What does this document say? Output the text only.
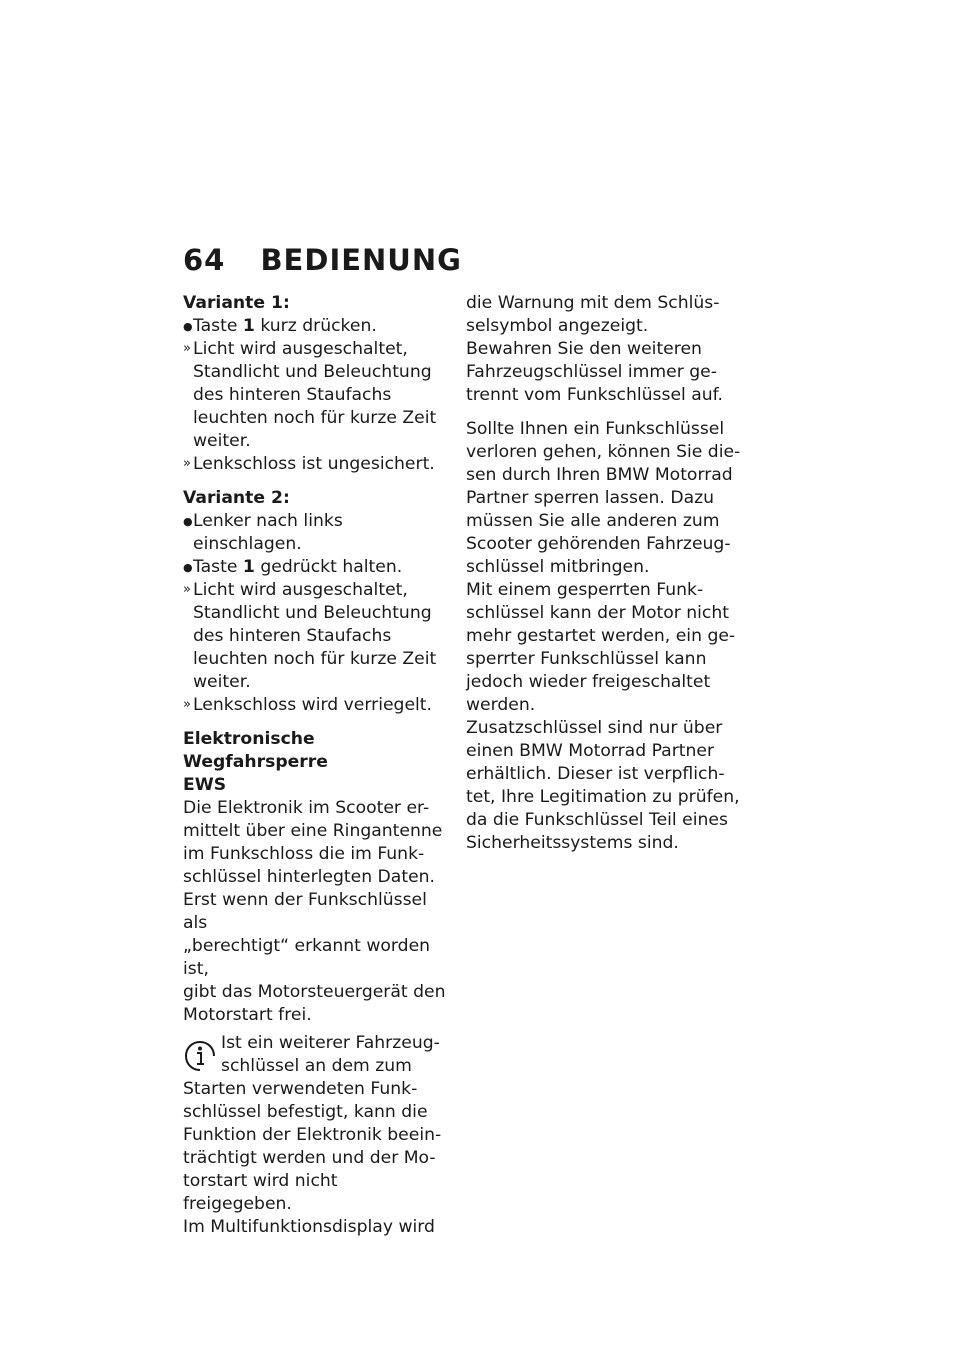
64 BEDIENUNG
Variante 1:
● Taste 1 kurz drücken.
» Licht wird ausgeschaltet,
Standlicht und Beleuchtung
des hinteren Staufachs
leuchten noch für kurze Zeit
weiter.
» Lenkschloss ist ungesichert.
Variante 2:
● Lenker nach links einschlagen.
● Taste 1 gedrückt halten.
» Licht wird ausgeschaltet,
Standlicht und Beleuchtung
des hinteren Staufachs
leuchten noch für kurze Zeit
weiter.
» Lenkschloss wird verriegelt.
Elektronische Wegfahrsperre
EWS
Die Elektronik im Scooter er-
mittelt über eine Ringantenne
im Funkschloss die im Funk-
schlüssel hinterlegten Daten.
Erst wenn der Funkschlüssel als
„berechtigt“ erkannt worden ist,
gibt das Motorsteuergerät den
Motorstart frei.
Ist ein weiterer Fahrzeug-
schlüssel an dem zum
Starten verwendeten Funk-
schlüssel befestigt, kann die
Funktion der Elektronik beein-
trächtigt werden und der Mo-
torstart wird nicht freigegeben.
Im Multifunktionsdisplay wird
die Warnung mit dem Schlüs-
selsymbol angezeigt.
Bewahren Sie den weiteren
Fahrzeugschlüssel immer ge-
trennt vom Funkschlüssel auf.
Sollte Ihnen ein Funkschlüssel
verloren gehen, können Sie die-
sen durch Ihren BMW Motorrad
Partner sperren lassen. Dazu
müssen Sie alle anderen zum
Scooter gehörenden Fahrzeug-
schlüssel mitbringen.
Mit einem gesperrten Funk-
schlüssel kann der Motor nicht
mehr gestartet werden, ein ge-
sperrter Funkschlüssel kann
jedoch wieder freigeschaltet
werden.
Zusatzschlüssel sind nur über
einen BMW Motorrad Partner
erhältlich. Dieser ist verpflich-
tet, Ihre Legitimation zu prüfen,
da die Funkschlüssel Teil eines
Sicherheitssystems sind.
